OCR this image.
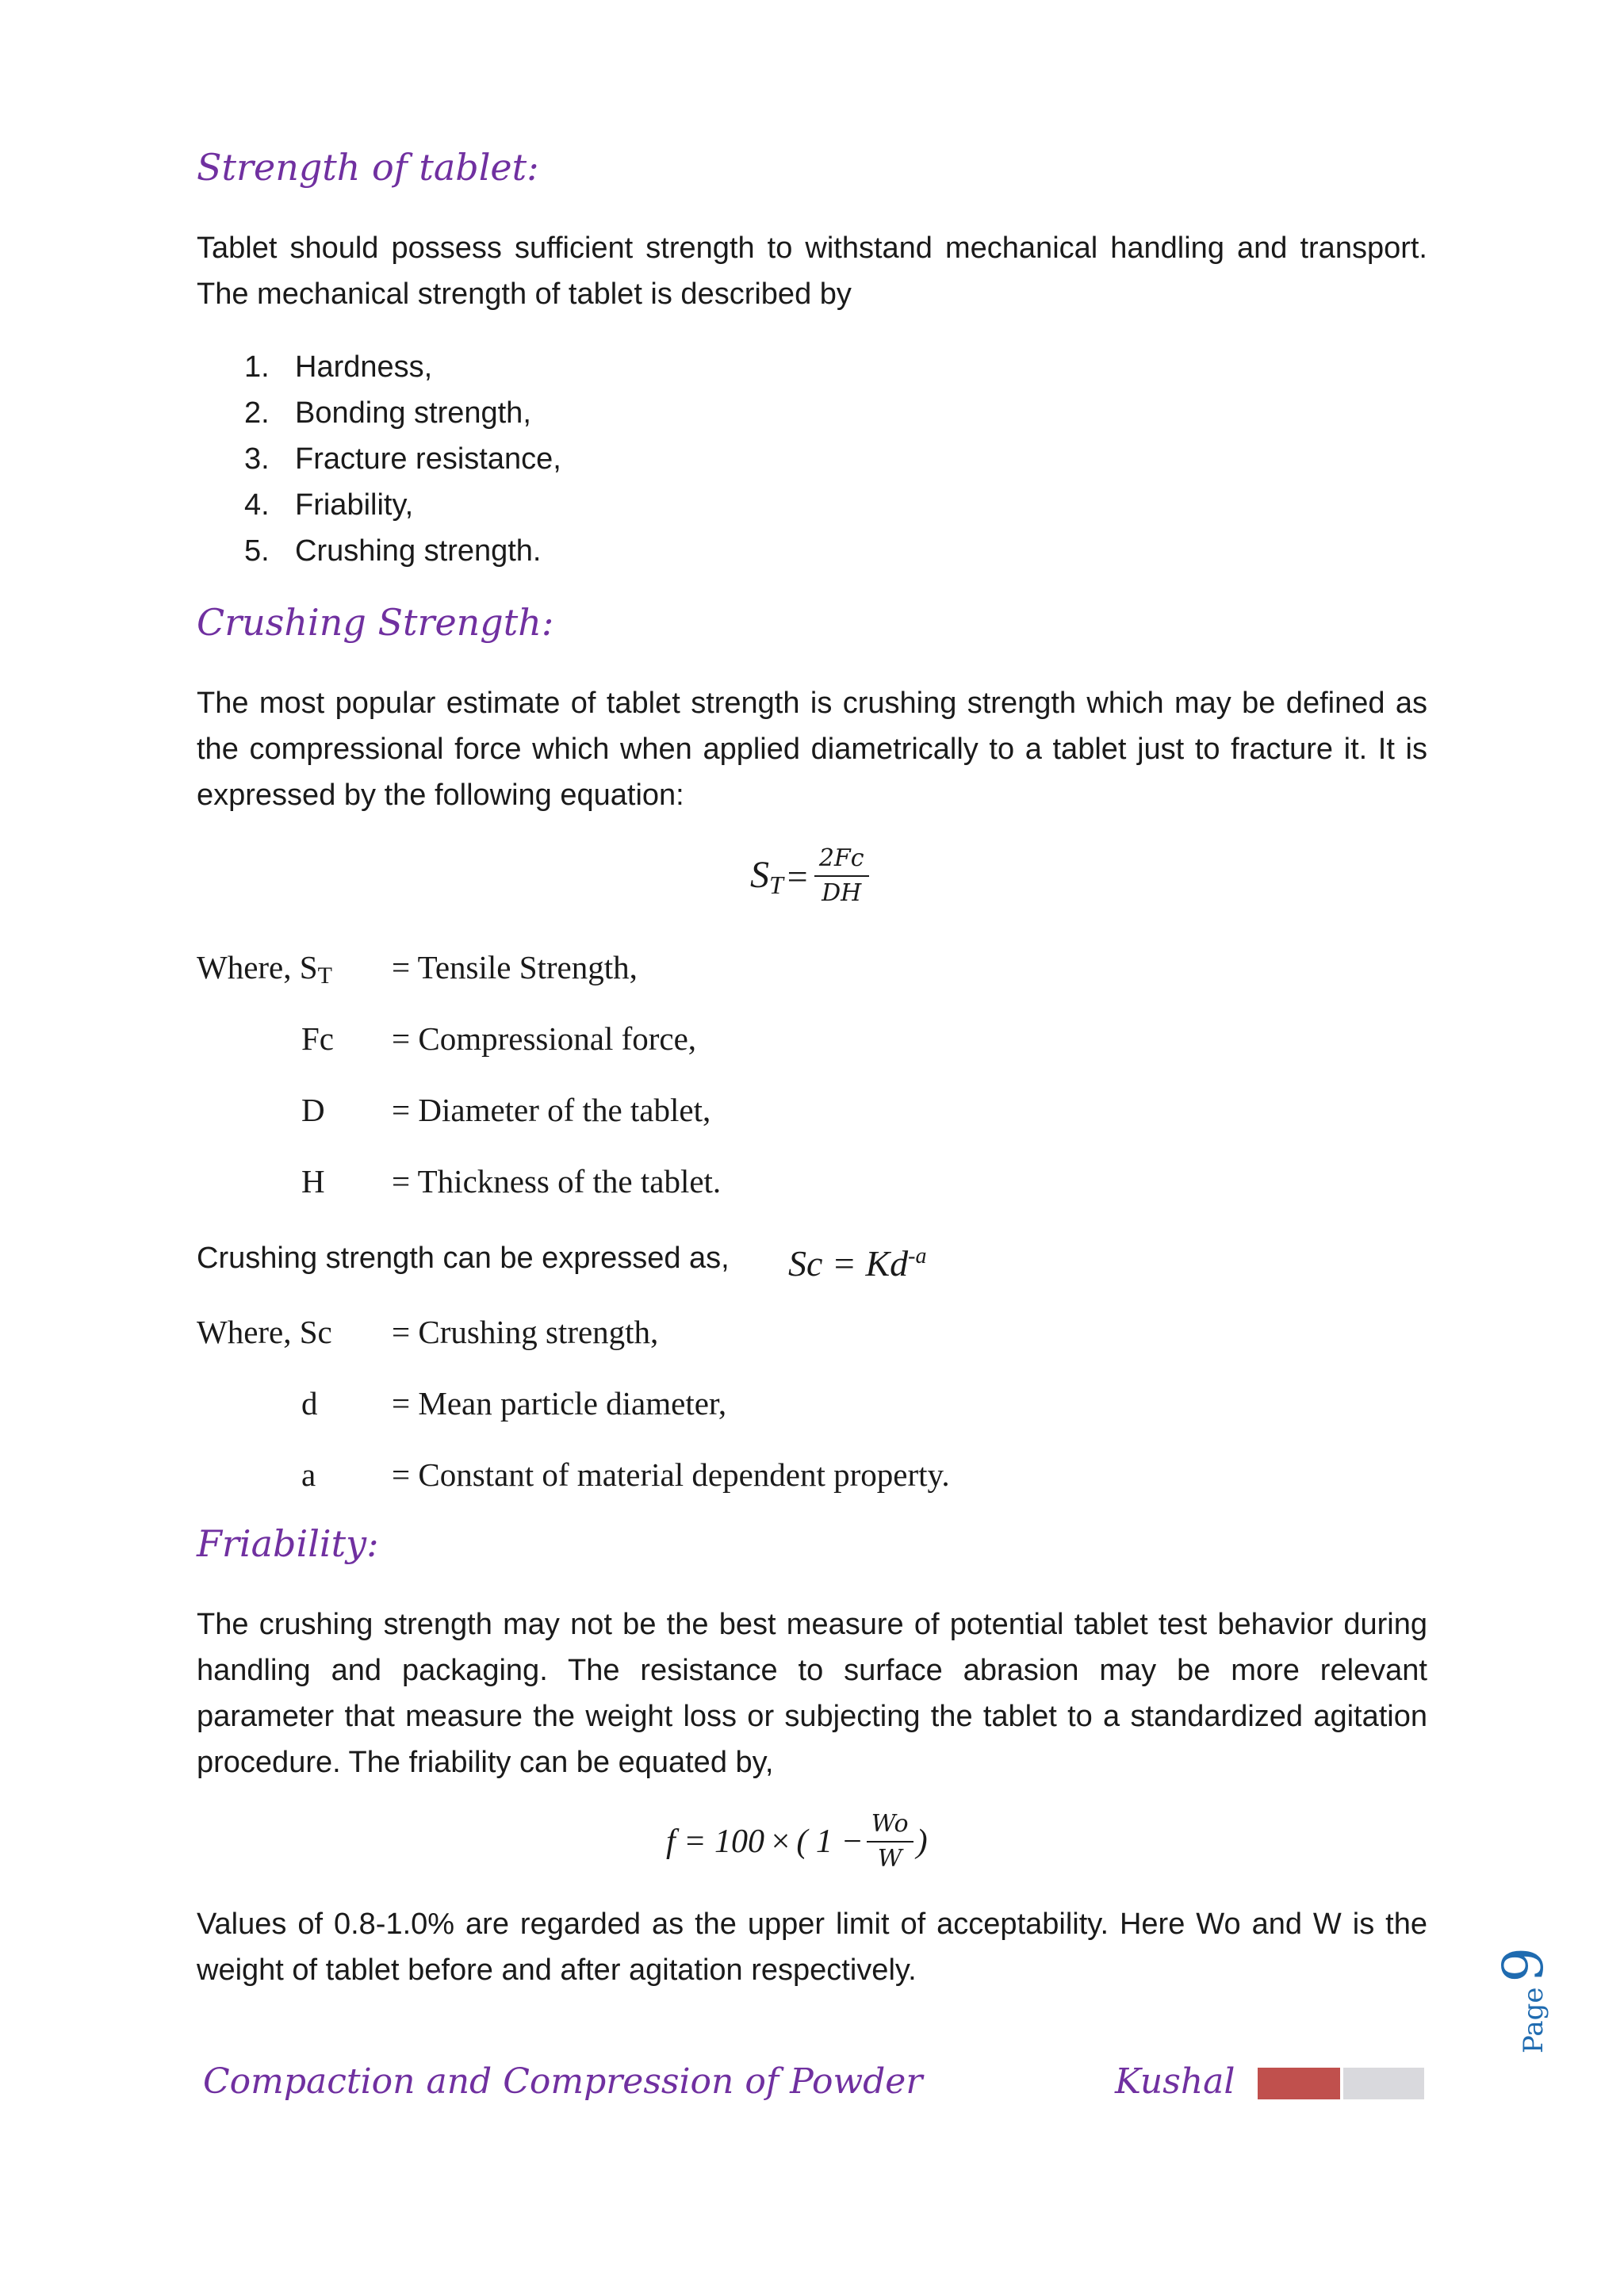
Strength of tablet:

Tablet should possess sufficient strength to withstand mechanical handling and transport. The mechanical strength of tablet is described by

1. Hardness,
2. Bonding strength,
3. Fracture resistance,
4. Friability,
5. Crushing strength.
Crushing Strength:

The most popular estimate of tablet strength is crushing strength which may be defined as the compressional force which when applied diametrically to a tablet just to fracture it. It is expressed by the following equation:

$S_T = \frac{2Fc}{DH}$
Where, $S_T$ = Tensile Strength,
Fc = Compressional force,
D = Diameter of the tablet,
H = Thickness of the tablet.
Crushing strength can be expressed as, $Sc = Kd^{-a}$
Where, Sc = Crushing strength,
d = Mean particle diameter,
a = Constant of material dependent property.
Friability:

The crushing strength may not be the best measure of potential tablet test behavior during handling and packaging. The resistance to surface abrasion may be more relevant parameter that measure the weight loss or subjecting the tablet to a standardized agitation procedure. The friability can be equated by,

f = 100 × ( $1 - \frac{Wo}{W}$ )

Values of 0.8-1.0% are regarded as the upper limit of acceptability. Here Wo and W is the weight of tablet before and after agitation respectively.

Page
9
Compaction and Compression of Powder	Kushal
